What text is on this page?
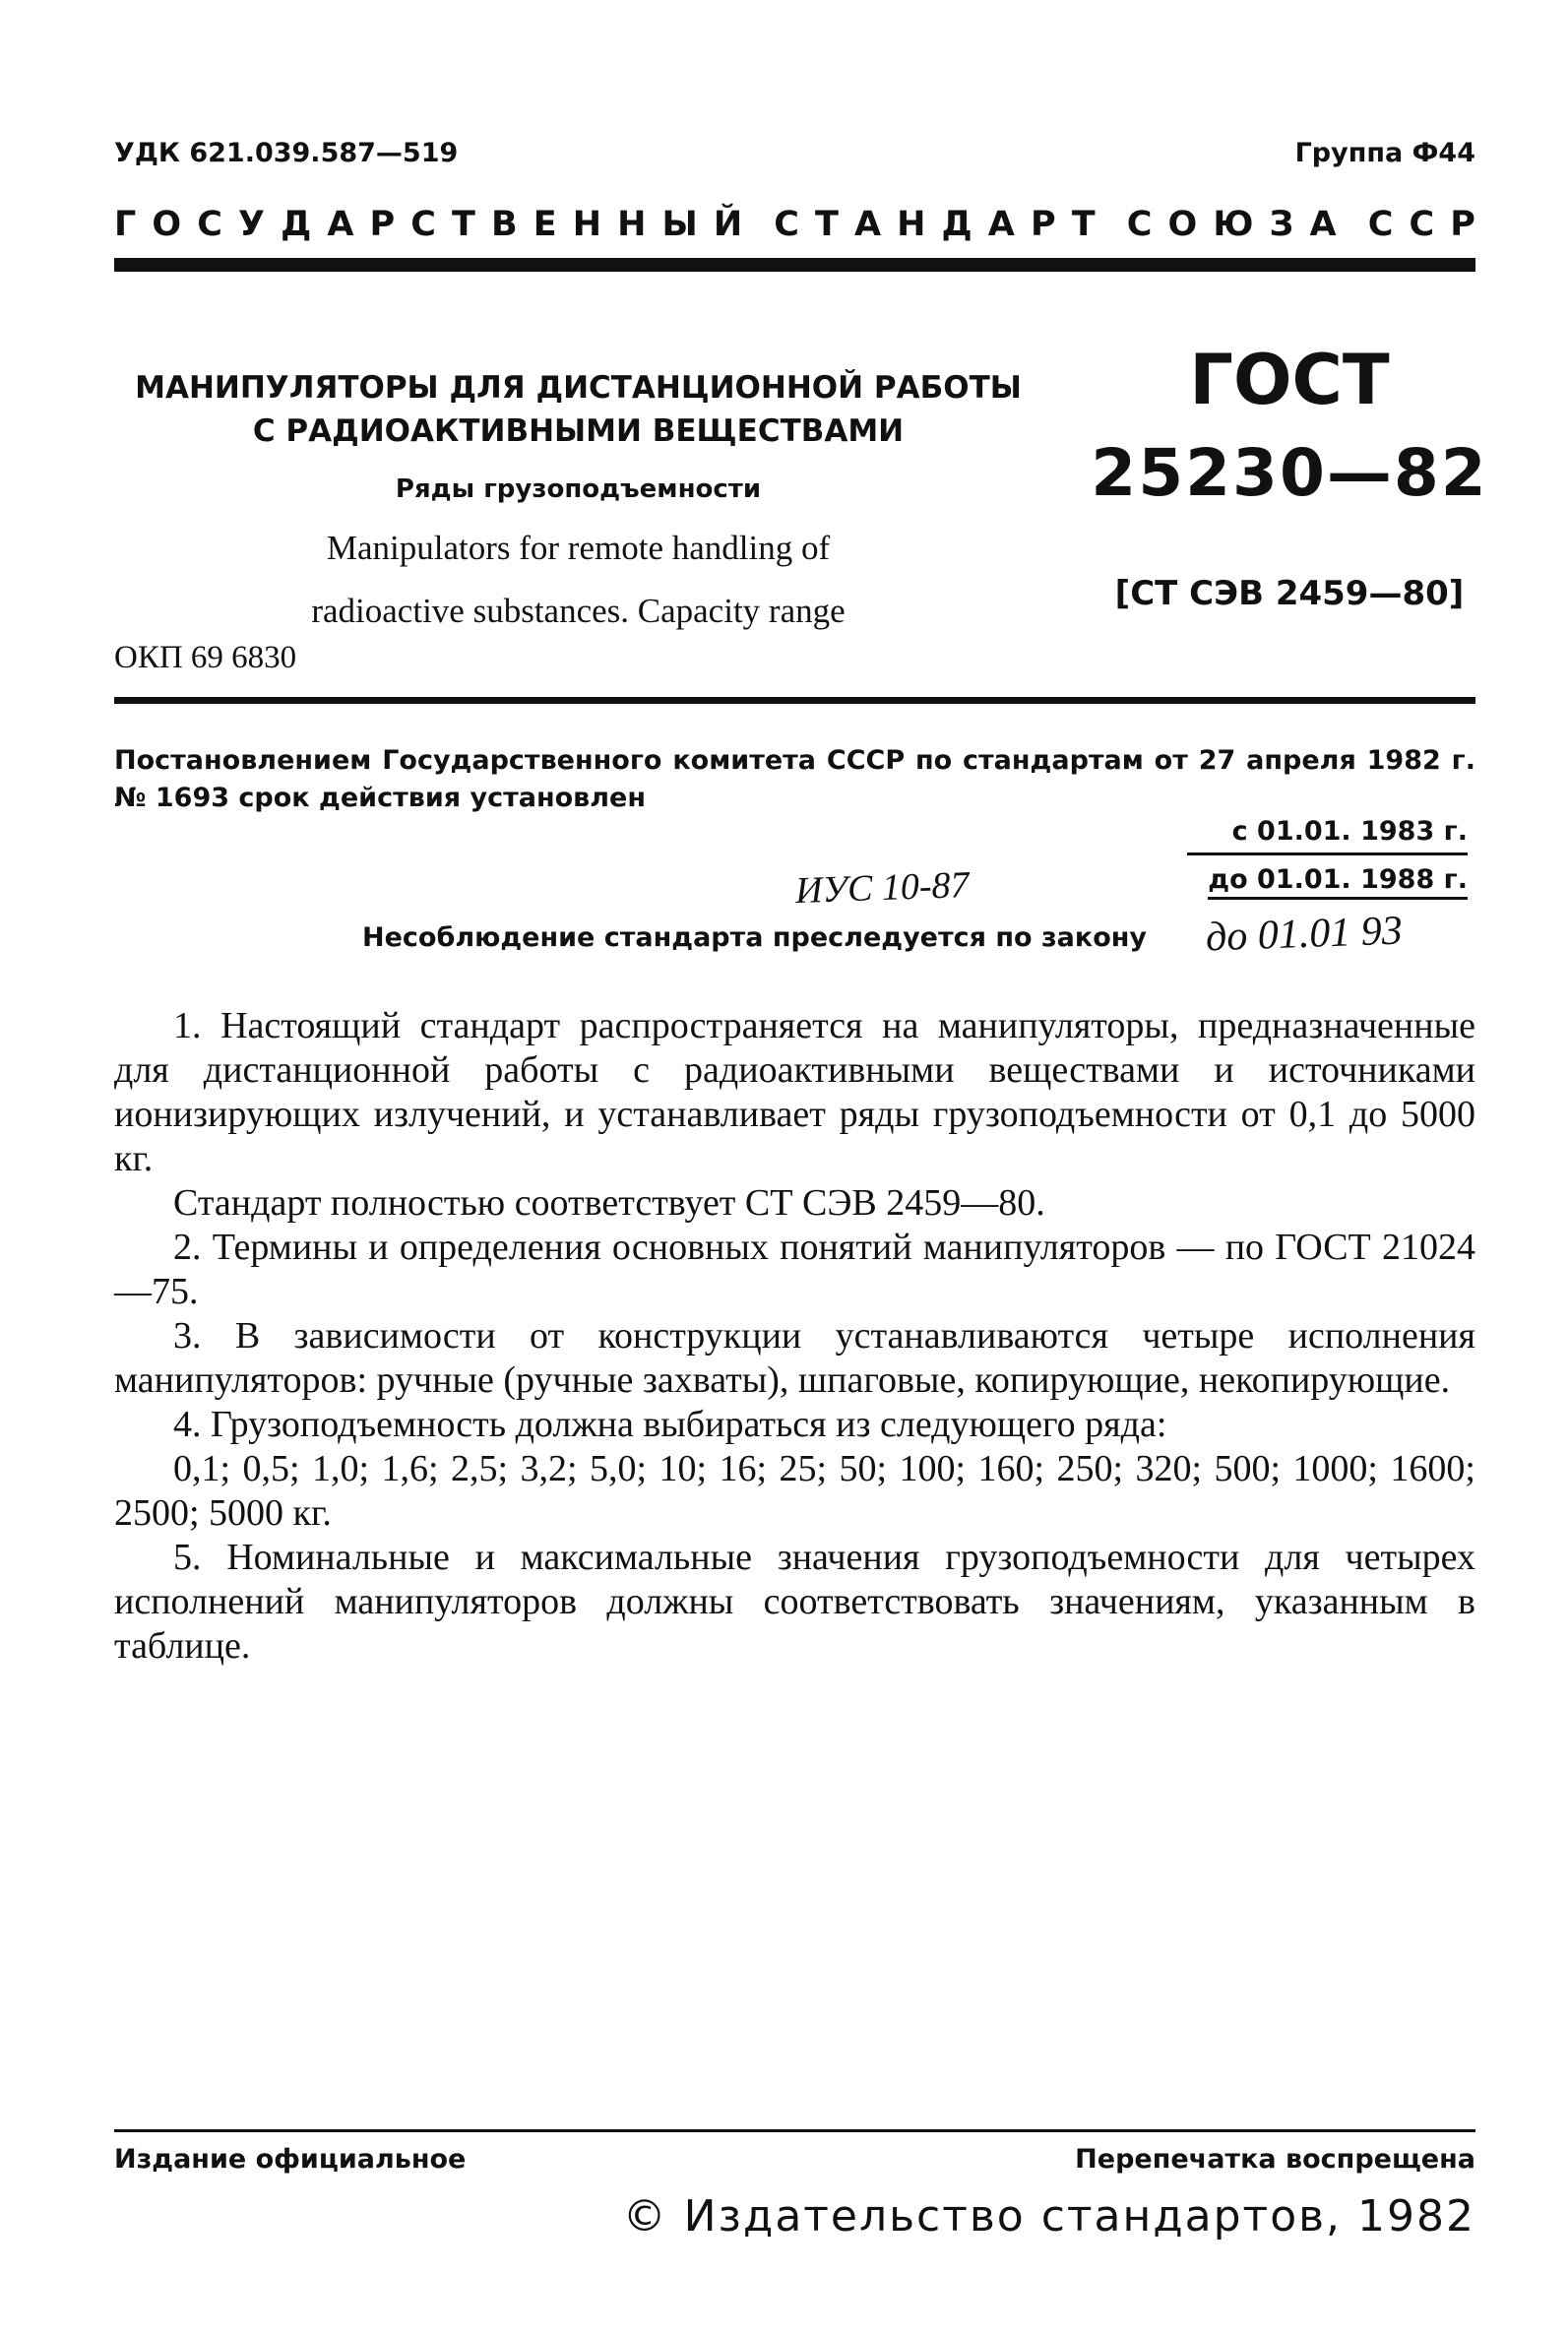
УДК 621.039.587—519	Группа Ф44
Г О С У Д А Р С Т В Е Н Н Ы Й С Т А Н Д А Р Т С О Ю З А С С Р
МАНИПУЛЯТОРЫ ДЛЯ ДИСТАНЦИОННОЙ РАБОТЫ
С РАДИОАКТИВНЫМИ ВЕЩЕСТВАМИ
Ряды грузоподъемности
Manipulators for remote handling of
radioactive substances. Capacity range
ГОСТ
25230—82
[СТ СЭВ 2459—80]
ОКП 69 6830
Постановлением Государственного комитета СССР по стандартам от 27 апреля 1982 г. № 1693 срок действия установлен
с 01.01. 1983 г.
до 01.01. 1988 г.
ИУС 10-87
Несоблюдение стандарта преследуется по закону до 01.01 93

1. Настоящий стандарт распространяется на манипуляторы, предназначенные для дистанционной работы с радиоактивными веществами и источниками ионизирующих излучений, и устанавливает ряды грузоподъемности от 0,1 до 5000 кг.

Стандарт полностью соответствует СТ СЭВ 2459—80.

2. Термины и определения основных понятий манипуляторов — по ГОСТ 21024—75.

3. В зависимости от конструкции устанавливаются четыре исполнения манипуляторов: ручные (ручные захваты), шпаговые, копирующие, некопирующие.

4. Грузоподъемность должна выбираться из следующего ряда:

0,1; 0,5; 1,0; 1,6; 2,5; 3,2; 5,0; 10; 16; 25; 50; 100; 160; 250; 320; 500; 1000; 1600; 2500; 5000 кг.

5. Номинальные и максимальные значения грузоподъемности для четырех исполнений манипуляторов должны соответствовать значениям, указанным в таблице.

Издание официальное	Перепечатка воспрещена
© Издательство стандартов, 1982
